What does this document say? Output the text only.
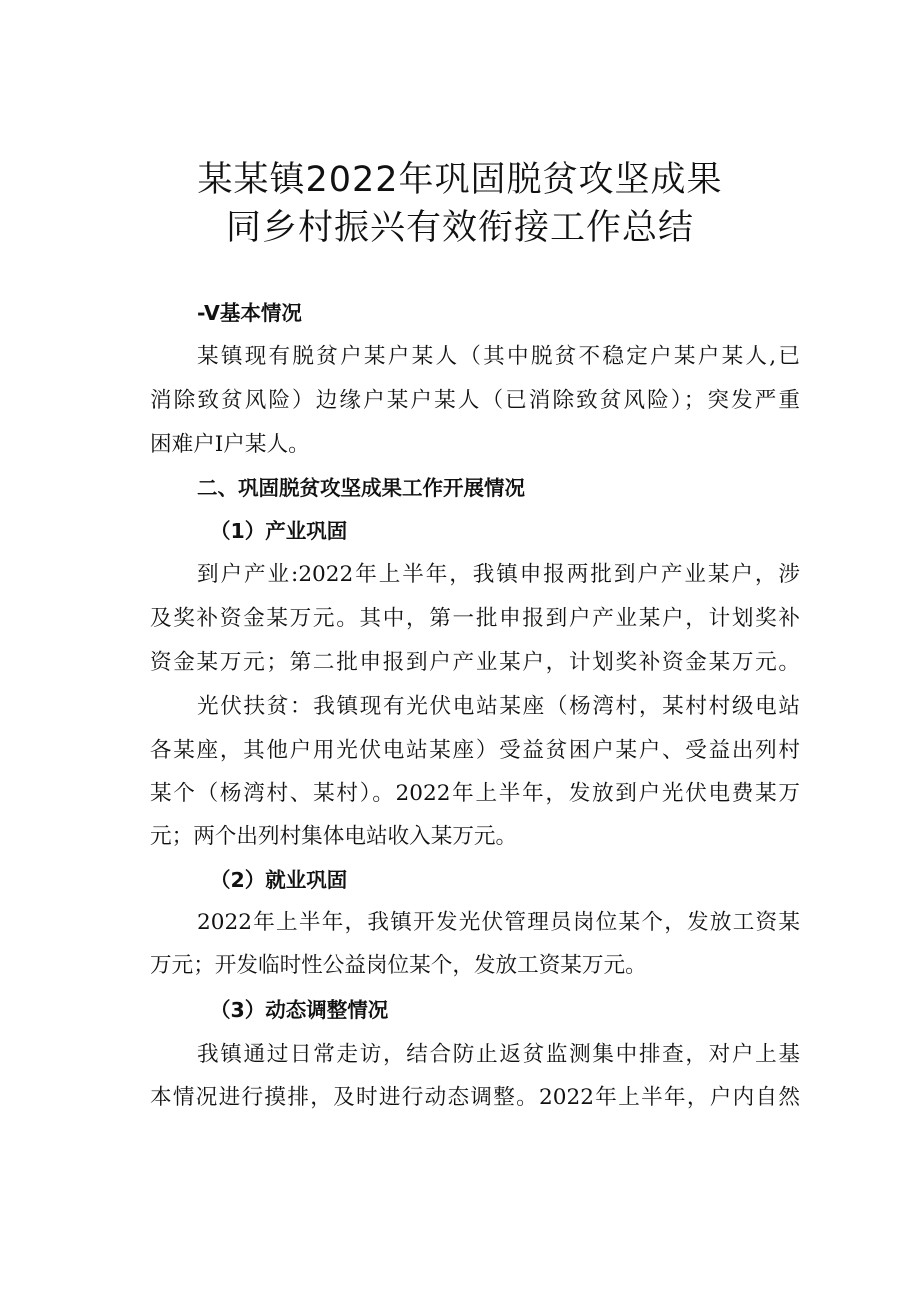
某某镇2022年巩固脱贫攻坚成果
同乡村振兴有效衔接工作总结
-V基本情况
某镇现有脱贫户某户某人（其中脱贫不稳定户某户某人,已
消除致贫风险）边缘户某户某人（已消除致贫风险）；突发严重
困难户I户某人。
二、巩固脱贫攻坚成果工作开展情况
（1）产业巩固
到户产业:2022年上半年，我镇申报两批到户产业某户，涉
及奖补资金某万元。其中，第一批申报到户产业某户，计划奖补
资金某万元；第二批申报到户产业某户，计划奖补资金某万元。
光伏扶贫：我镇现有光伏电站某座（杨湾村，某村村级电站
各某座，其他户用光伏电站某座）受益贫困户某户、受益出列村
某个（杨湾村、某村）。2022年上半年，发放到户光伏电费某万
元；两个出列村集体电站收入某万元。
（2）就业巩固
2022年上半年，我镇开发光伏管理员岗位某个，发放工资某
万元；开发临时性公益岗位某个，发放工资某万元。
（3）动态调整情况
我镇通过日常走访，结合防止返贫监测集中排查，对户上基
本情况进行摸排，及时进行动态调整。2022年上半年，户内自然
